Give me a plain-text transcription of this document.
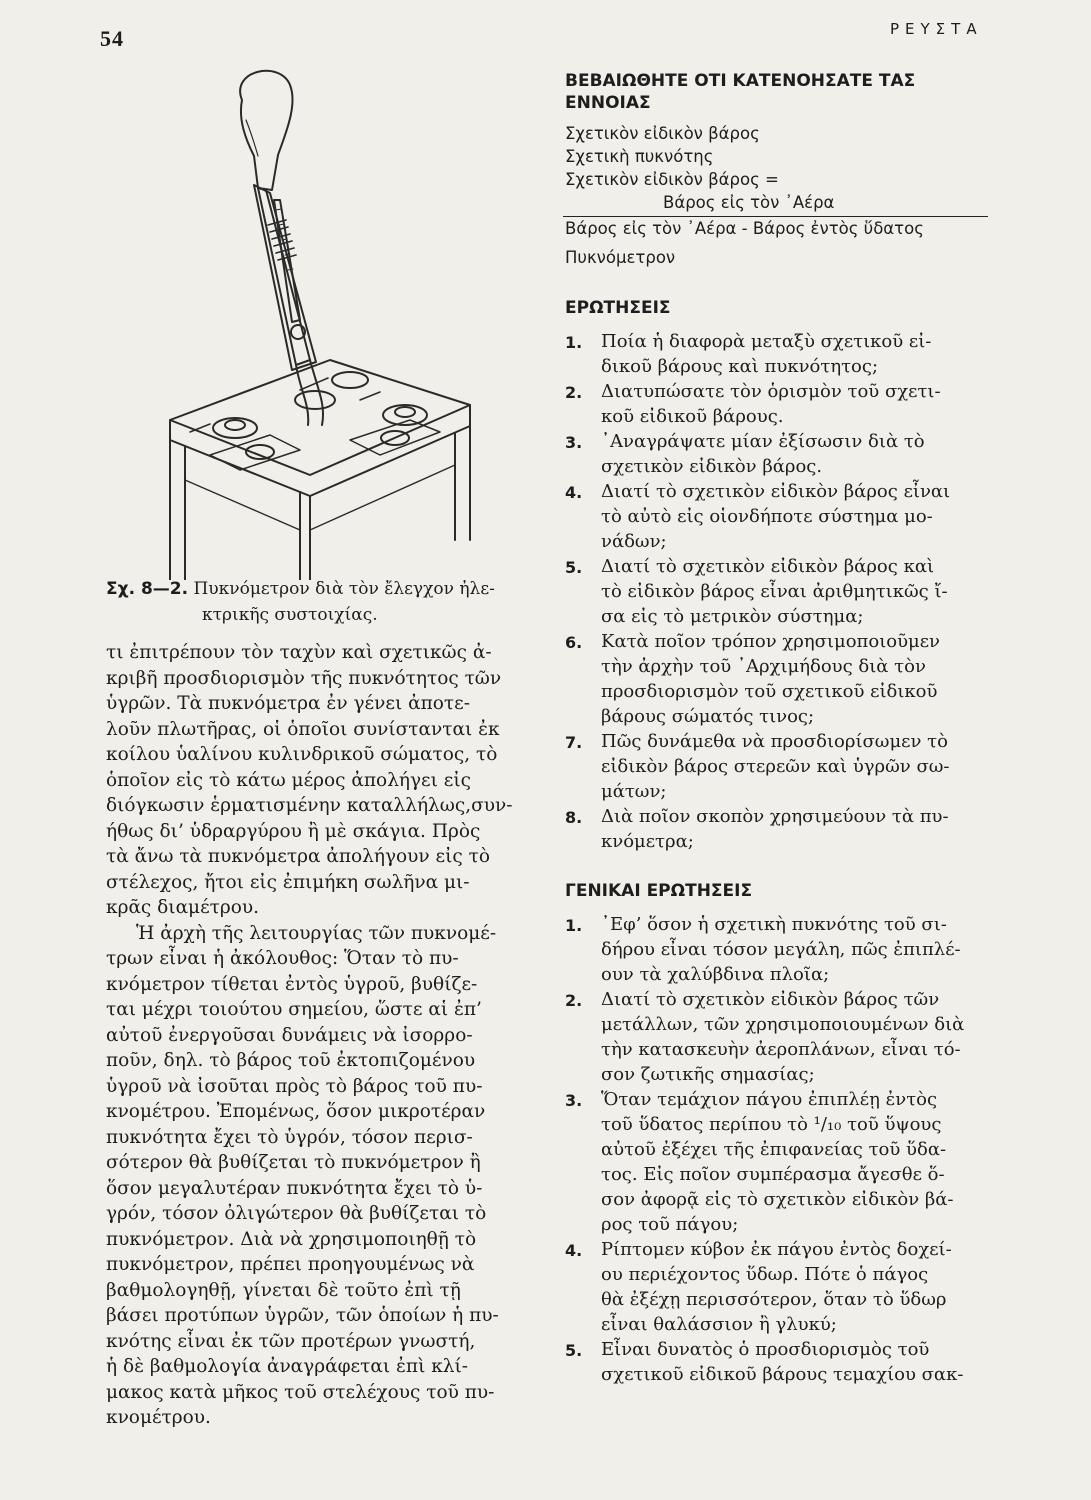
54	ΡΕΥΣΤΑ
Σχ. 8—2. Πυκνόμετρον διὰ τὸν ἔλεγχον ἠλε-
κτρικῆς συστοιχίας.

τι ἐπιτρέπουν τὸν ταχὺν καὶ σχετικῶς ἀ-
κριβῆ προσδιορισμὸν τῆς πυκνότητος τῶν
ὑγρῶν. Τὰ πυκνόμετρα ἐν γένει ἀποτε-
λοῦν πλωτῆρας, οἱ ὁποῖοι συνίστανται ἐκ
κοίλου ὑαλίνου κυλινδρικοῦ σώματος, τὸ
ὁποῖον εἰς τὸ κάτω μέρος ἀπολήγει εἰς
διόγκωσιν ἑρματισμένην καταλλήλως,συν-
ήθως δι’ ὑδραργύρου ἢ μὲ σκάγια. Πρὸς
τὰ ἄνω τὰ πυκνόμετρα ἀπολήγουν εἰς τὸ
στέλεχος, ἤτοι εἰς ἐπιμήκη σωλῆνα μι-
κρᾶς διαμέτρου.

Ἡ ἀρχὴ τῆς λειτουργίας τῶν πυκνομέ-
τρων εἶναι ἡ ἀκόλουθος: Ὅταν τὸ πυ-
κνόμετρον τίθεται ἐντὸς ὑγροῦ, βυθίζε-
ται μέχρι τοιούτου σημείου, ὥστε αἱ ἐπ’
αὐτοῦ ἐνεργοῦσαι δυνάμεις νὰ ἰσορρο-
ποῦν, δηλ. τὸ βάρος τοῦ ἐκτοπιζομένου
ὑγροῦ νὰ ἰσοῦται πρὸς τὸ βάρος τοῦ πυ-
κνομέτρου. Ἐπομένως, ὅσον μικροτέραν
πυκνότητα ἔχει τὸ ὑγρόν, τόσον περισ-
σότερον θὰ βυθίζεται τὸ πυκνόμετρον ἢ
ὅσον μεγαλυτέραν πυκνότητα ἔχει τὸ ὑ-
γρόν, τόσον ὀλιγώτερον θὰ βυθίζεται τὸ
πυκνόμετρον. Διὰ νὰ χρησιμοποιηθῇ τὸ
πυκνόμετρον, πρέπει προηγουμένως νὰ
βαθμολογηθῇ, γίνεται δὲ τοῦτο ἐπὶ τῇ
βάσει προτύπων ὑγρῶν, τῶν ὁποίων ἡ πυ-
κνότης εἶναι ἐκ τῶν προτέρων γνωστή,
ἡ δὲ βαθμολογία ἀναγράφεται ἐπὶ κλί-
μακος κατὰ μῆκος τοῦ στελέχους τοῦ πυ-
κνομέτρου.

ΒΕΒΑΙΩΘΗΤΕ ΟΤΙ ΚΑΤΕΝΟΗΣΑΤΕ ΤΑΣ

ΕΝΝΟΙΑΣ

Σχετικὸν εἰδικὸν βάρος

Σχετικὴ πυκνότης

Σχετικὸν εἰδικὸν βάρος =

Βάρος εἰς τὸν ᾿Αέρα

Βάρος εἰς τὸν ᾿Αέρα - Βάρος ἐντὸς ὕδατος

Πυκνόμετρον

ΕΡΩΤΗΣΕΙΣ

1.	Ποία ἡ διαφορὰ μεταξὺ σχετικοῦ εἰ-
δικοῦ βάρους καὶ πυκνότητος;
2.	Διατυπώσατε τὸν ὁρισμὸν τοῦ σχετι-
κοῦ εἰδικοῦ βάρους.
3.	᾿Αναγράψατε μίαν ἐξίσωσιν διὰ τὸ
σχετικὸν εἰδικὸν βάρος.
4.	Διατί τὸ σχετικὸν εἰδικὸν βάρος εἶναι
τὸ αὐτὸ εἰς οἱονδήποτε σύστημα μο-
νάδων;
5.	Διατί τὸ σχετικὸν εἰδικὸν βάρος καὶ
τὸ εἰδικὸν βάρος εἶναι ἀριθμητικῶς ἴ-
σα εἰς τὸ μετρικὸν σύστημα;
6.	Κατὰ ποῖον τρόπον χρησιμοποιοῦμεν
τὴν ἀρχὴν τοῦ ᾿Αρχιμήδους διὰ τὸν
προσδιορισμὸν τοῦ σχετικοῦ εἰδικοῦ
βάρους σώματός τινος;
7.	Πῶς δυνάμεθα νὰ προσδιορίσωμεν τὸ
εἰδικὸν βάρος στερεῶν καὶ ὑγρῶν σω-
μάτων;
8.	Διὰ ποῖον σκοπὸν χρησιμεύουν τὰ πυ-
κνόμετρα;

ΓΕΝΙΚΑΙ ΕΡΩΤΗΣΕΙΣ

1.	᾿Εφ’ ὅσον ἡ σχετικὴ πυκνότης τοῦ σι-
δήρου εἶναι τόσον μεγάλη, πῶς ἐπιπλέ-
ουν τὰ χαλύβδινα πλοῖα;
2.	Διατί τὸ σχετικὸν εἰδικὸν βάρος τῶν
μετάλλων, τῶν χρησιμοποιουμένων διὰ
τὴν κατασκευὴν ἀεροπλάνων, εἶναι τό-
σον ζωτικῆς σημασίας;
3.	Ὅταν τεμάχιον πάγου ἐπιπλέῃ ἐντὸς
τοῦ ὕδατος περίπου τὸ ¹/₁₀ τοῦ ὕψους
αὐτοῦ ἐξέχει τῆς ἐπιφανείας τοῦ ὕδα-
τος. Εἰς ποῖον συμπέρασμα ἄγεσθε ὅ-
σον ἀφορᾷ εἰς τὸ σχετικὸν εἰδικὸν βά-
ρος τοῦ πάγου;
4.	Ρίπτομεν κύβον ἐκ πάγου ἐντὸς δοχεί-
ου περιέχοντος ὕδωρ. Πότε ὁ πάγος
θὰ ἐξέχῃ περισσότερον, ὅταν τὸ ὕδωρ
εἶναι θαλάσσιον ἢ γλυκύ;
5.	Εἶναι δυνατὸς ὁ προσδιορισμὸς τοῦ
σχετικοῦ εἰδικοῦ βάρους τεμαχίου σακ-
